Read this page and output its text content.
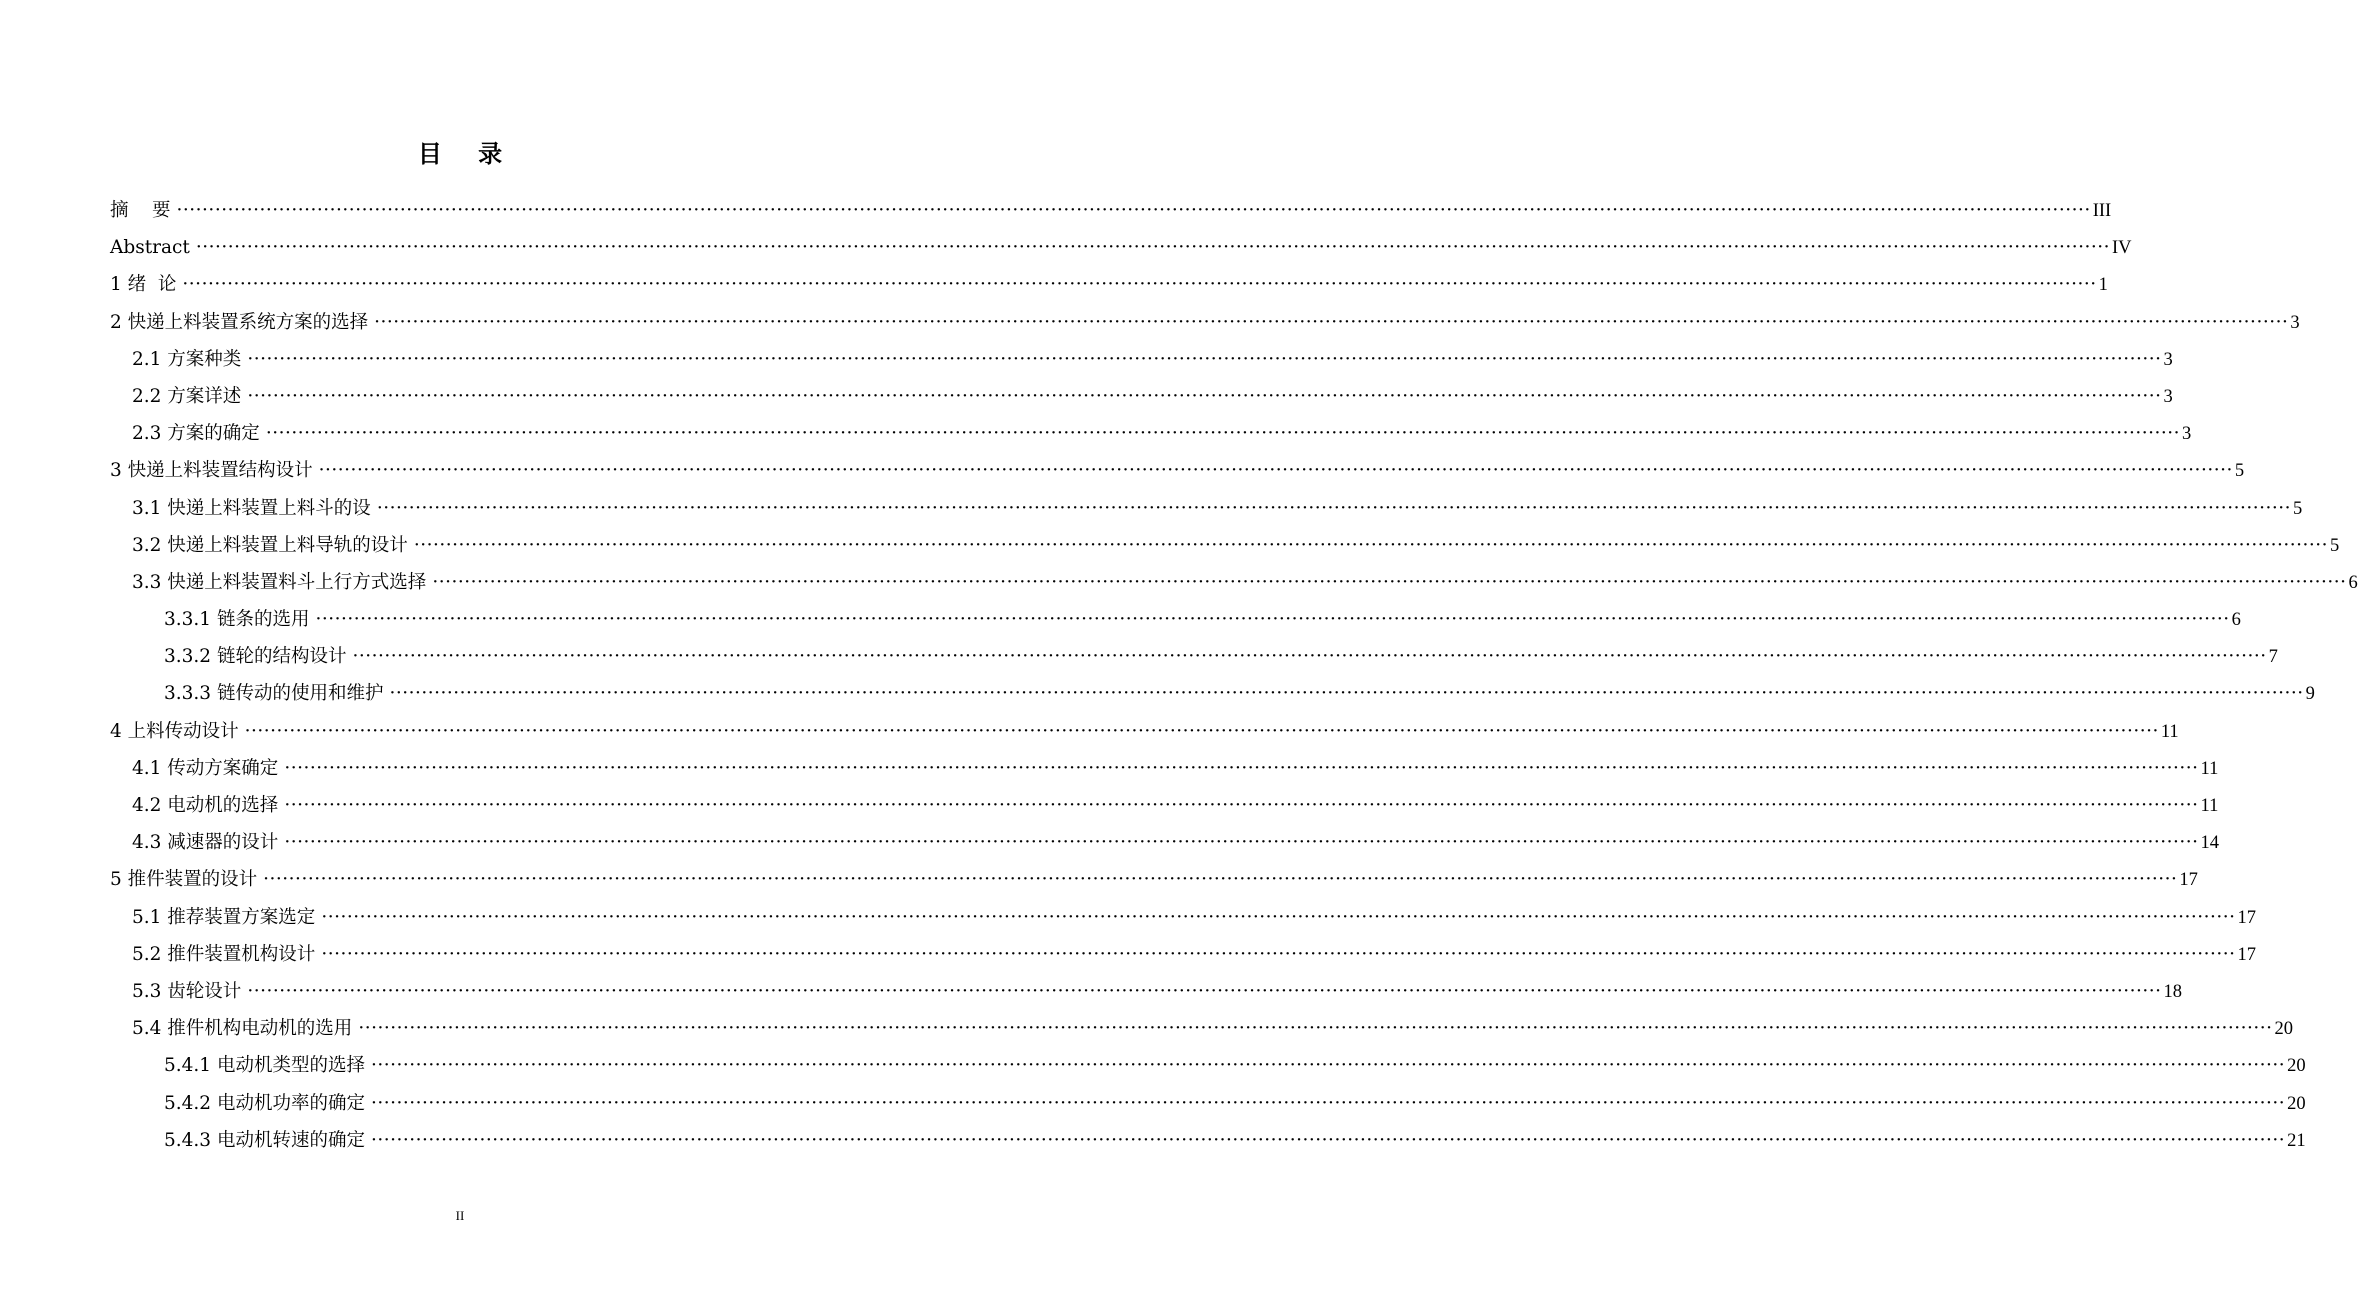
目 录
摘    要 ············································································································································································································································································································ III
Abstract ············································································································································································································································································································ IV
1 绪  论 ············································································································································································································································································································ 1
2 快递上料装置系统方案的选择 ············································································································································································································································································································ 3
2.1 方案种类 ············································································································································································································································································································ 3
2.2 方案详述 ············································································································································································································································································································ 3
2.3 方案的确定 ············································································································································································································································································································ 3
3 快递上料装置结构设计 ············································································································································································································································································································ 5
3.1 快递上料装置上料斗的设 ············································································································································································································································································································ 5
3.2 快递上料装置上料导轨的设计 ············································································································································································································································································································ 5
3.3 快递上料装置料斗上行方式选择 ············································································································································································································································································································ 6
3.3.1 链条的选用 ············································································································································································································································································································ 6
3.3.2 链轮的结构设计 ············································································································································································································································································································ 7
3.3.3 链传动的使用和维护 ············································································································································································································································································································ 9
4 上料传动设计 ············································································································································································································································································································ 11
4.1 传动方案确定 ············································································································································································································································································································ 11
4.2 电动机的选择 ············································································································································································································································································································ 11
4.3 减速器的设计 ············································································································································································································································································································ 14
5 推件装置的设计 ············································································································································································································································································································ 17
5.1 推荐装置方案选定 ············································································································································································································································································································ 17
5.2 推件装置机构设计 ············································································································································································································································································································ 17
5.3 齿轮设计 ············································································································································································································································································································ 18
5.4 推件机构电动机的选用 ············································································································································································································································································································ 20
5.4.1 电动机类型的选择 ············································································································································································································································································································ 20
5.4.2 电动机功率的确定 ············································································································································································································································································································ 20
5.4.3 电动机转速的确定 ············································································································································································································································································································ 21
II
